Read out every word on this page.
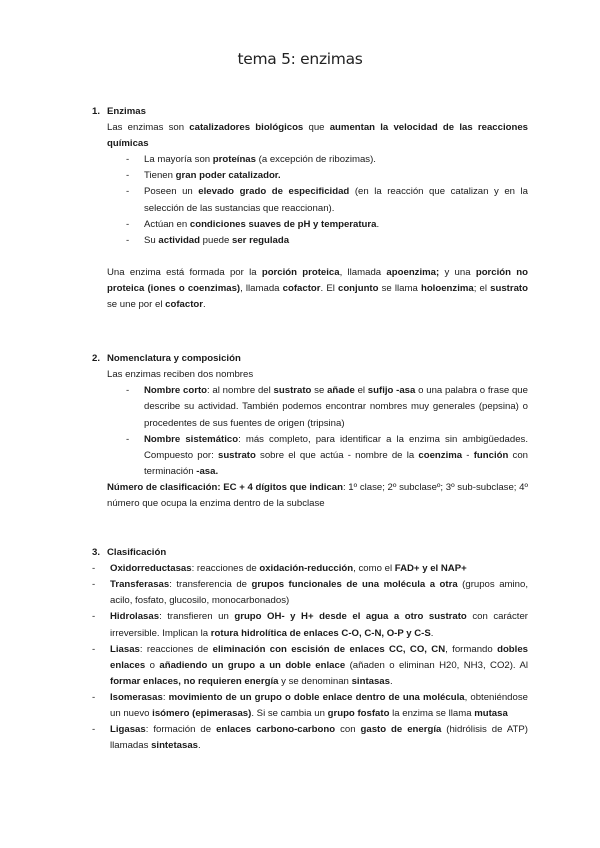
tema 5: enzimas
1. Enzimas
Las enzimas son catalizadores biológicos que aumentan la velocidad de las reacciones químicas
- La mayoría son proteínas (a excepción de ribozimas).
- Tienen gran poder catalizador.
- Poseen un elevado grado de especificidad (en la reacción que catalizan y en la selección de las sustancias que reaccionan).
- Actúan en condiciones suaves de pH y temperatura.
- Su actividad puede ser regulada
Una enzima está formada por la porción proteica, llamada apoenzima; y una porción no proteica (iones o coenzimas), llamada cofactor. El conjunto se llama holoenzima; el sustrato se une por el cofactor.
2. Nomenclatura y composición
Las enzimas reciben dos nombres
- Nombre corto: al nombre del sustrato se añade el sufijo -asa o una palabra o frase que describe su actividad. También podemos encontrar nombres muy generales (pepsina) o procedentes de sus fuentes de origen (tripsina)
- Nombre sistemático: más completo, para identificar a la enzima sin ambigüedades. Compuesto por: sustrato sobre el que actúa - nombre de la coenzima - función con terminación -asa.
Número de clasificación: EC + 4 dígitos que indican: 1º clase; 2º subclaseº; 3º sub-subclase; 4º número que ocupa la enzima dentro de la subclase
3. Clasificación
- Oxidorreductasas: reacciones de oxidación-reducción, como el FAD+ y el NAP+
- Transferasas: transferencia de grupos funcionales de una molécula a otra (grupos amino, acilo, fosfato, glucosilo, monocarbonados)
- Hidrolasas: transfieren un grupo OH- y H+ desde el agua a otro sustrato con carácter irreversible. Implican la rotura hidrolítica de enlaces C-O, C-N, O-P y C-S.
- Liasas: reacciones de eliminación con escisión de enlaces CC, CO, CN, formando dobles enlaces o añadiendo un grupo a un doble enlace (añaden o eliminan H20, NH3, CO2). Al formar enlaces, no requieren energía y se denominan sintasas.
- Isomerasas: movimiento de un grupo o doble enlace dentro de una molécula, obteniéndose un nuevo isómero (epimerasas). Si se cambia un grupo fosfato la enzima se llama mutasa
- Ligasas: formación de enlaces carbono-carbono con gasto de energía (hidrólisis de ATP) llamadas sintetasas.
